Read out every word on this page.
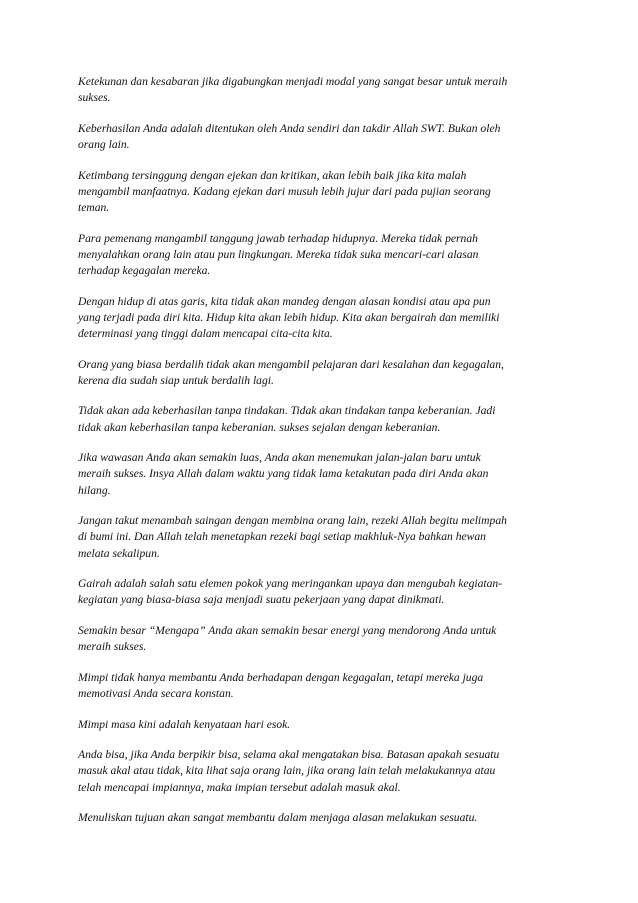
Ketekunan dan kesabaran jika digabungkan menjadi modal yang sangat besar untuk meraih
sukses.

Keberhasilan Anda adalah ditentukan oleh Anda sendiri dan takdir Allah SWT. Bukan oleh
orang lain.

Ketimbang tersinggung dengan ejekan dan kritikan, akan lebih baik jika kita malah
mengambil manfaatnya. Kadang ejekan dari musuh lebih jujur dari pada pujian seorang
teman.

Para pemenang mangambil tanggung jawab terhadap hidupnya. Mereka tidak pernah
menyalahkan orang lain atau pun lingkungan. Mereka tidak suka mencari-cari alasan
terhadap kegagalan mereka.

Dengan hidup di atas garis, kita tidak akan mandeg dengan alasan kondisi atau apa pun
yang terjadi pada diri kita. Hidup kita akan lebih hidup. Kita akan bergairah dan memiliki
determinasi yang tinggi dalam mencapai cita-cita kita.

Orang yang biasa berdalih tidak akan mengambil pelajaran dari kesalahan dan kegagalan,
kerena dia sudah siap untuk berdalih lagi.

Tidak akan ada keberhasilan tanpa tindakan. Tidak akan tindakan tanpa keberanian. Jadi
tidak akan keberhasilan tanpa keberanian. sukses sejalan dengan keberanian.

Jika wawasan Anda akan semakin luas, Anda akan menemukan jalan-jalan baru untuk
meraih sukses. Insya Allah dalam waktu yang tidak lama ketakutan pada diri Anda akan
hilang.

Jangan takut menambah saingan dengan membina orang lain, rezeki Allah begitu melimpah
di bumi ini. Dan Allah telah menetapkan rezeki bagi setiap makhluk-Nya bahkan hewan
melata sekalipun.

Gairah adalah salah satu elemen pokok yang meringankan upaya dan mengubah kegiatan-
kegiatan yang biasa-biasa saja menjadi suatu pekerjaan yang dapat dinikmati.

Semakin besar “Mengapa” Anda akan semakin besar energi yang mendorong Anda untuk
meraih sukses.

Mimpi tidak hanya membantu Anda berhadapan dengan kegagalan, tetapi mereka juga
memotivasi Anda secara konstan.

Mimpi masa kini adalah kenyataan hari esok.

Anda bisa, jika Anda berpikir bisa, selama akal mengatakan bisa. Batasan apakah sesuatu
masuk akal atau tidak, kita lihat saja orang lain, jika orang lain telah melakukannya atau
telah mencapai impiannya, maka impian tersebut adalah masuk akal.

Menuliskan tujuan akan sangat membantu dalam menjaga alasan melakukan sesuatu.
